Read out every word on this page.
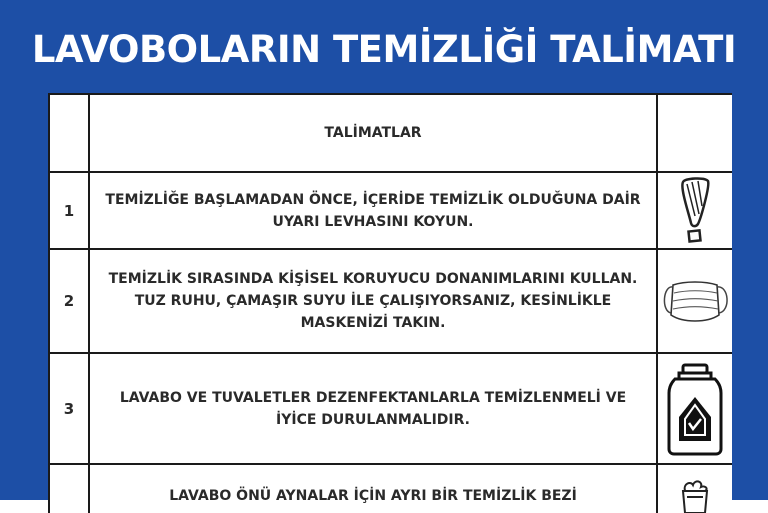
LAVOBOLARIN TEMİZLİĞİ TALİMATI
	TALİMATLAR	
1	TEMİZLİĞE BAŞLAMADAN ÖNCE, İÇERİDE TEMİZLİK OLDUĞUNA DAİR UYARI LEVHASINI KOYUN.	

2	TEMİZLİK SIRASINDA KİŞİSEL KORUYUCU DONANIMLARINI KULLAN. TUZ RUHU, ÇAMAŞIR SUYU İLE ÇALIŞIYORSANIZ, KESİNLİKLE MASKENİZİ TAKIN.	

3	LAVABO VE TUVALETLER DEZENFEKTANLARLA TEMİZLENMELİ VE İYİCE DURULANMALIDIR.	

	LAVABO ÖNÜ AYNALAR İÇİN AYRI BİR TEMİZLİK BEZİ	
